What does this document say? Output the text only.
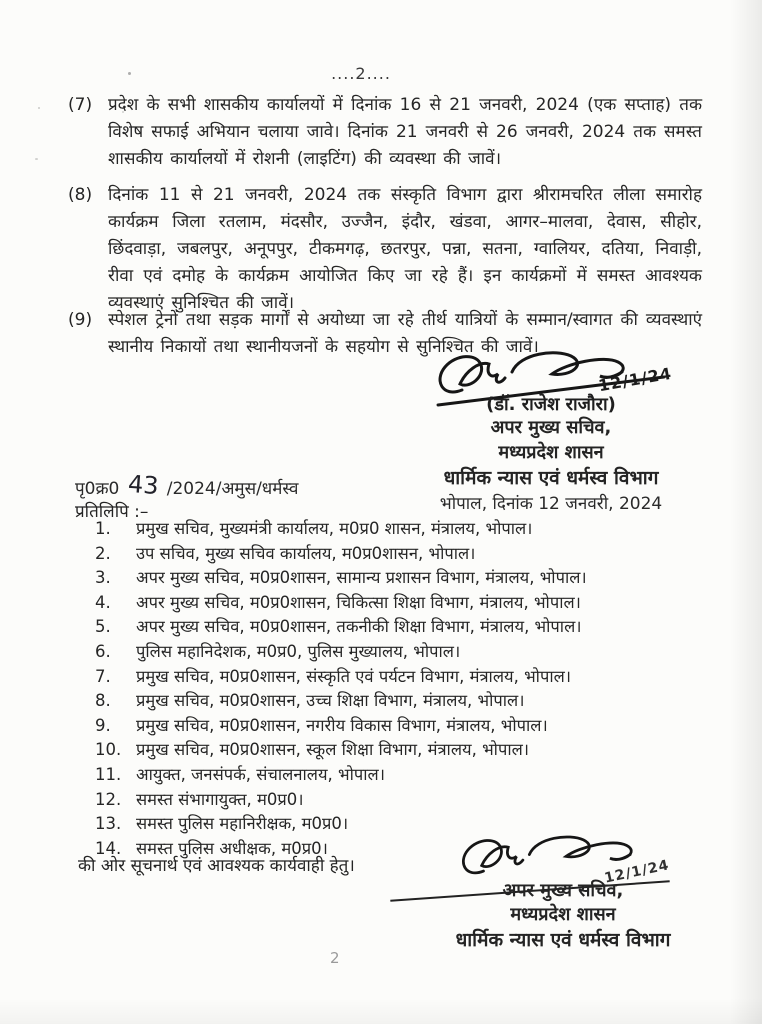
....2....
(7) प्रदेश के सभी शासकीय कार्यालयों में दिनांक 16 से 21 जनवरी, 2024 (एक सप्ताह) तक विशेष सफाई अभियान चलाया जावे। दिनांक 21 जनवरी से 26 जनवरी, 2024 तक समस्त शासकीय कार्यालयों में रोशनी (लाइटिंग) की व्यवस्था की जावें।
(8) दिनांक 11 से 21 जनवरी, 2024 तक संस्कृति विभाग द्वारा श्रीरामचरित लीला समारोह कार्यक्रम जिला रतलाम, मंदसौर, उज्जैन, इंदौर, खंडवा, आगर–मालवा, देवास, सीहोर, छिंदवाड़ा, जबलपुर, अनूपपुर, टीकमगढ़, छतरपुर, पन्ना, सतना, ग्वालियर, दतिया, निवाड़ी, रीवा एवं दमोह के कार्यक्रम आयोजित किए जा रहे हैं। इन कार्यक्रमों में समस्त आवश्यक व्यवस्थाएं सुनिश्चित की जावें।
(9) स्पेशल ट्रेनों तथा सड़क मार्गों से अयोध्या जा रहे तीर्थ यात्रियों के सम्मान/स्वागत की व्यवस्थाएं स्थानीय निकायों तथा स्थानीयजनों के सहयोग से सुनिश्चित की जावें।
12/1/24
(डॉ. राजेश राजौरा)
अपर मुख्य सचिव,
मध्यप्रदेश शासन
धार्मिक न्यास एवं धर्मस्व विभाग
भोपाल, दिनांक 12 जनवरी, 2024
पृ0क्र0 43 /2024/अमुस/धर्मस्व
प्रतिलिपि :–
1.	प्रमुख सचिव, मुख्यमंत्री कार्यालय, म0प्र0 शासन, मंत्रालय, भोपाल।
2.	उप सचिव, मुख्य सचिव कार्यालय, म0प्र0शासन, भोपाल।
3.	अपर मुख्य सचिव, म0प्र0शासन, सामान्य प्रशासन विभाग, मंत्रालय, भोपाल।
4.	अपर मुख्य सचिव, म0प्र0शासन, चिकित्सा शिक्षा विभाग, मंत्रालय, भोपाल।
5.	अपर मुख्य सचिव, म0प्र0शासन, तकनीकी शिक्षा विभाग, मंत्रालय, भोपाल।
6.	पुलिस महानिदेशक, म0प्र0, पुलिस मुख्यालय, भोपाल।
7.	प्रमुख सचिव, म0प्र0शासन, संस्कृति एवं पर्यटन विभाग, मंत्रालय, भोपाल।
8.	प्रमुख सचिव, म0प्र0शासन, उच्च शिक्षा विभाग, मंत्रालय, भोपाल।
9.	प्रमुख सचिव, म0प्र0शासन, नगरीय विकास विभाग, मंत्रालय, भोपाल।
10. प्रमुख सचिव, म0प्र0शासन, स्कूल शिक्षा विभाग, मंत्रालय, भोपाल।
11. आयुक्त, जनसंपर्क, संचालनालय, भोपाल।
12. समस्त संभागायुक्त, म0प्र0।
13. समस्त पुलिस महानिरीक्षक, म0प्र0।
14. समस्त पुलिस अधीक्षक, म0प्र0।
की ओर सूचनार्थ एवं आवश्यक कार्यवाही हेतु।	12/1/24
अपर मुख्य सचिव,
मध्यप्रदेश शासन
धार्मिक न्यास एवं धर्मस्व विभाग
2
